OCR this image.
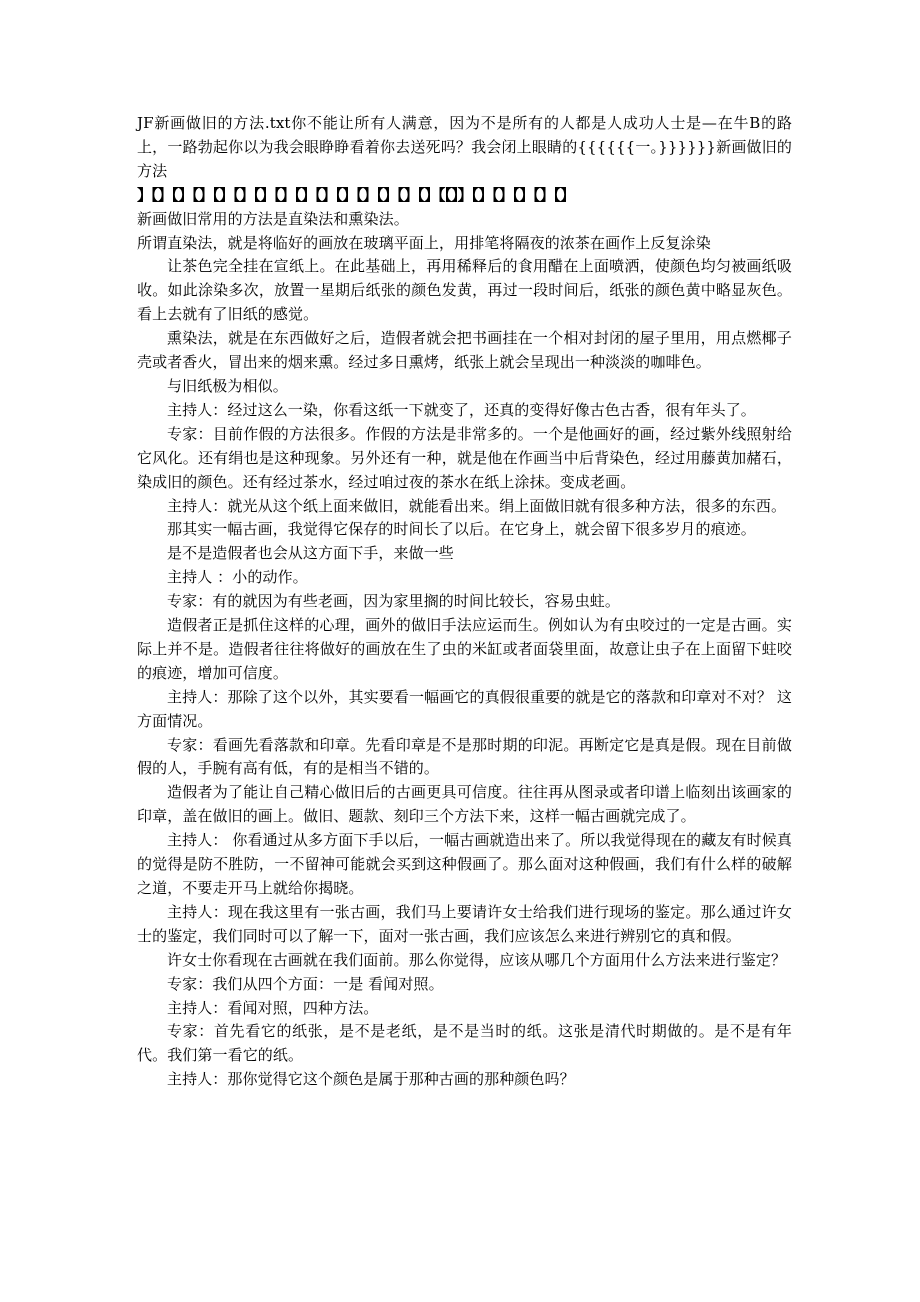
JF新画做旧的方法.txt你不能让所有人满意，因为不是所有的人都是人成功人士是—在牛B的路上，一路勃起你以为我会眼睁睁看着你去送死吗？我会闭上眼睛的{{{{{{一。}}}}}}新画做旧的方法

】【】【】【】【】【】【】【】【】【】【】【】【】【】【】【【】】【】【】【】【】【】

新画做旧常用的方法是直染法和熏染法。

所谓直染法，就是将临好的画放在玻璃平面上，用排笔将隔夜的浓茶在画作上反复涂染

让茶色完全挂在宣纸上。在此基础上，再用稀释后的食用醋在上面喷洒，使颜色均匀被画纸吸收。如此涂染多次，放置一星期后纸张的颜色发黄，再过一段时间后，纸张的颜色黄中略显灰色。看上去就有了旧纸的感觉。

熏染法，就是在东西做好之后，造假者就会把书画挂在一个相对封闭的屋子里用，用点燃椰子壳或者香火，冒出来的烟来熏。经过多日熏烤，纸张上就会呈现出一种淡淡的咖啡色。

与旧纸极为相似。

主持人：经过这么一染，你看这纸一下就变了，还真的变得好像古色古香，很有年头了。

专家：目前作假的方法很多。作假的方法是非常多的。一个是他画好的画，经过紫外线照射给它风化。还有绢也是这种现象。另外还有一种，就是他在作画当中后背染色，经过用藤黄加赭石，染成旧的颜色。还有经过茶水，经过咱过夜的茶水在纸上涂抹。变成老画。

主持人：就光从这个纸上面来做旧，就能看出来。绢上面做旧就有很多种方法，很多的东西。

那其实一幅古画，我觉得它保存的时间长了以后。在它身上，就会留下很多岁月的痕迹。

是不是造假者也会从这方面下手，来做一些

主持人 ：小的动作。

专家：有的就因为有些老画，因为家里搁的时间比较长，容易虫蛀。

造假者正是抓住这样的心理，画外的做旧手法应运而生。例如认为有虫咬过的一定是古画。实际上并不是。造假者往往将做好的画放在生了虫的米缸或者面袋里面，故意让虫子在上面留下蛀咬的痕迹，增加可信度。

主持人：那除了这个以外，其实要看一幅画它的真假很重要的就是它的落款和印章对不对？ 这方面情况。

专家：看画先看落款和印章。先看印章是不是那时期的印泥。再断定它是真是假。现在目前做假的人，手腕有高有低，有的是相当不错的。

造假者为了能让自己精心做旧后的古画更具可信度。往往再从图录或者印谱上临刻出该画家的印章，盖在做旧的画上。做旧、题款、刻印三个方法下来，这样一幅古画就完成了。

主持人： 你看通过从多方面下手以后，一幅古画就造出来了。所以我觉得现在的藏友有时候真的觉得是防不胜防，一不留神可能就会买到这种假画了。那么面对这种假画，我们有什么样的破解之道，不要走开马上就给你揭晓。

主持人：现在我这里有一张古画，我们马上要请许女士给我们进行现场的鉴定。那么通过许女士的鉴定，我们同时可以了解一下，面对一张古画，我们应该怎么来进行辨别它的真和假。

许女士你看现在古画就在我们面前。那么你觉得，应该从哪几个方面用什么方法来进行鉴定？

专家：我们从四个方面：一是 看闻对照。

主持人：看闻对照，四种方法。

专家：首先看它的纸张，是不是老纸，是不是当时的纸。这张是清代时期做的。是不是有年代。我们第一看它的纸。

主持人：那你觉得它这个颜色是属于那种古画的那种颜色吗？
